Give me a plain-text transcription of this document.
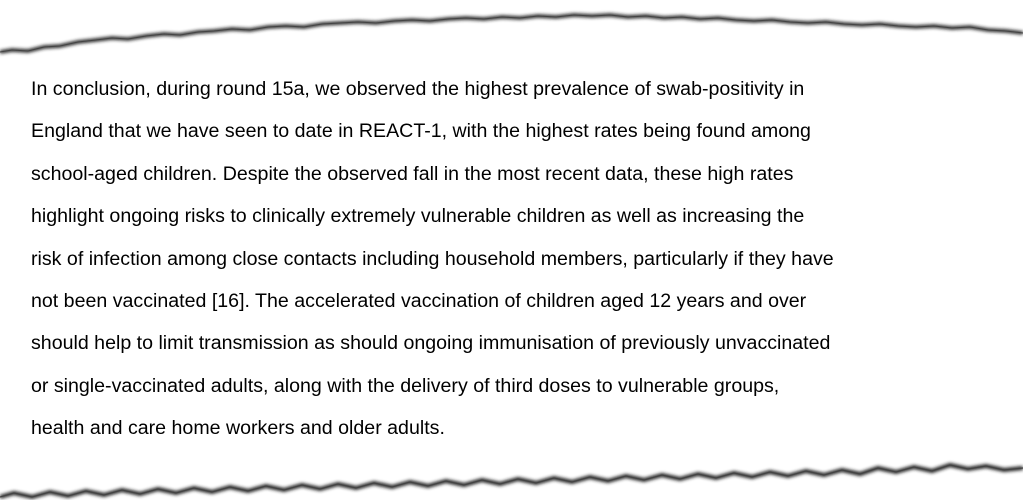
In conclusion, during round 15a, we observed the highest prevalence of swab-positivity in
England that we have seen to date in REACT-1, with the highest rates being found among
school-aged children. Despite the observed fall in the most recent data, these high rates
highlight ongoing risks to clinically extremely vulnerable children as well as increasing the
risk of infection among close contacts including household members, particularly if they have
not been vaccinated [16]. The accelerated vaccination of children aged 12 years and over
should help to limit transmission as should ongoing immunisation of previously unvaccinated
or single-vaccinated adults, along with the delivery of third doses to vulnerable groups,
health and care home workers and older adults.
